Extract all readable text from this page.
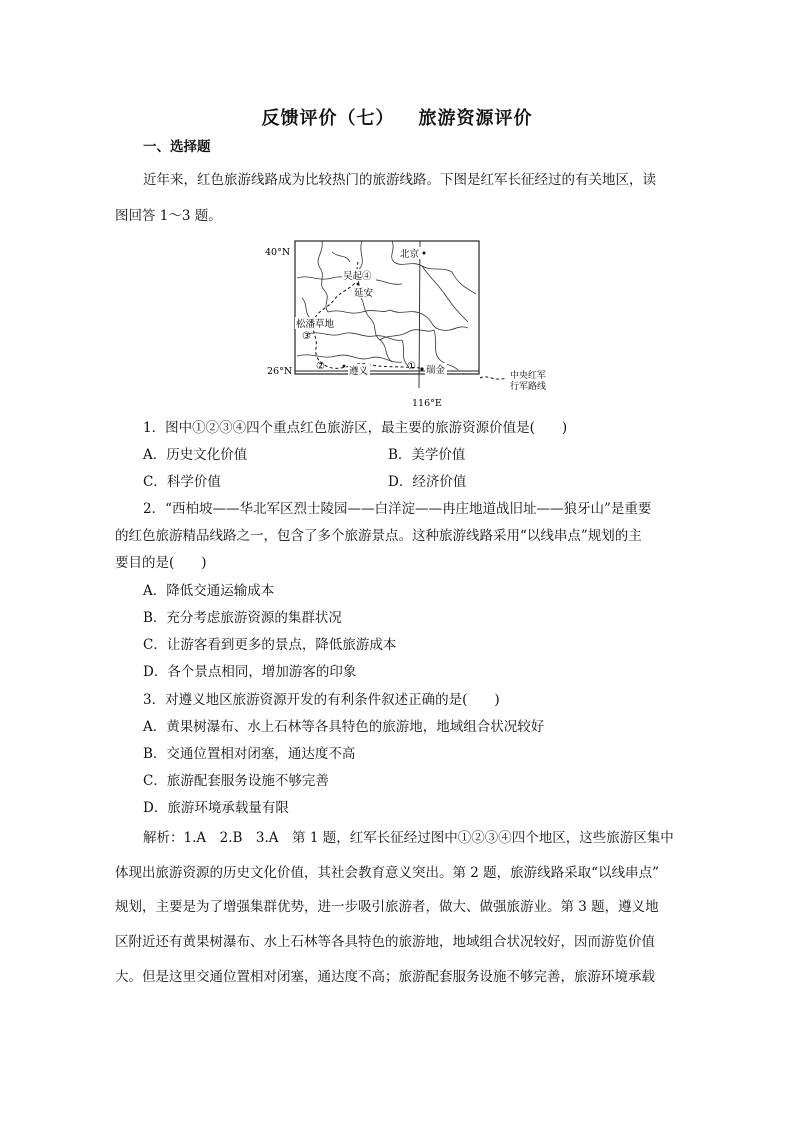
反馈评价（七） 旅游资源评价
一、选择题
近年来，红色旅游线路成为比较热门的旅游线路。下图是红军长征经过的有关地区，读
图回答 1～3 题。
40°N
26°N
116°E
中央红军
行军路线
北京
吴起④
延安
松潘草地
③
②	遵义	① 瑞金
1．图中①②③④四个重点红色旅游区，最主要的旅游资源价值是(　　)
A．历史文化价值	B．美学价值
C．科学价值	D．经济价值
2．“西柏坡——华北军区烈士陵园——白洋淀——冉庄地道战旧址——狼牙山”是重要
的红色旅游精品线路之一，包含了多个旅游景点。这种旅游线路采用“以线串点”规划的主
要目的是(　　)
A．降低交通运输成本
B．充分考虑旅游资源的集群状况
C．让游客看到更多的景点，降低旅游成本
D．各个景点相同，增加游客的印象
3．对遵义地区旅游资源开发的有利条件叙述正确的是(　　)
A．黄果树瀑布、水上石林等各具特色的旅游地，地域组合状况较好
B．交通位置相对闭塞，通达度不高
C．旅游配套服务设施不够完善
D．旅游环境承载量有限
解析：1.A　2.B　3.A　第 1 题，红军长征经过图中①②③④四个地区，这些旅游区集中
体现出旅游资源的历史文化价值，其社会教育意义突出。第 2 题，旅游线路采取“以线串点”
规划，主要是为了增强集群优势，进一步吸引旅游者，做大、做强旅游业。第 3 题，遵义地
区附近还有黄果树瀑布、水上石林等各具特色的旅游地，地域组合状况较好，因而游览价值
大。但是这里交通位置相对闭塞，通达度不高；旅游配套服务设施不够完善，旅游环境承载
